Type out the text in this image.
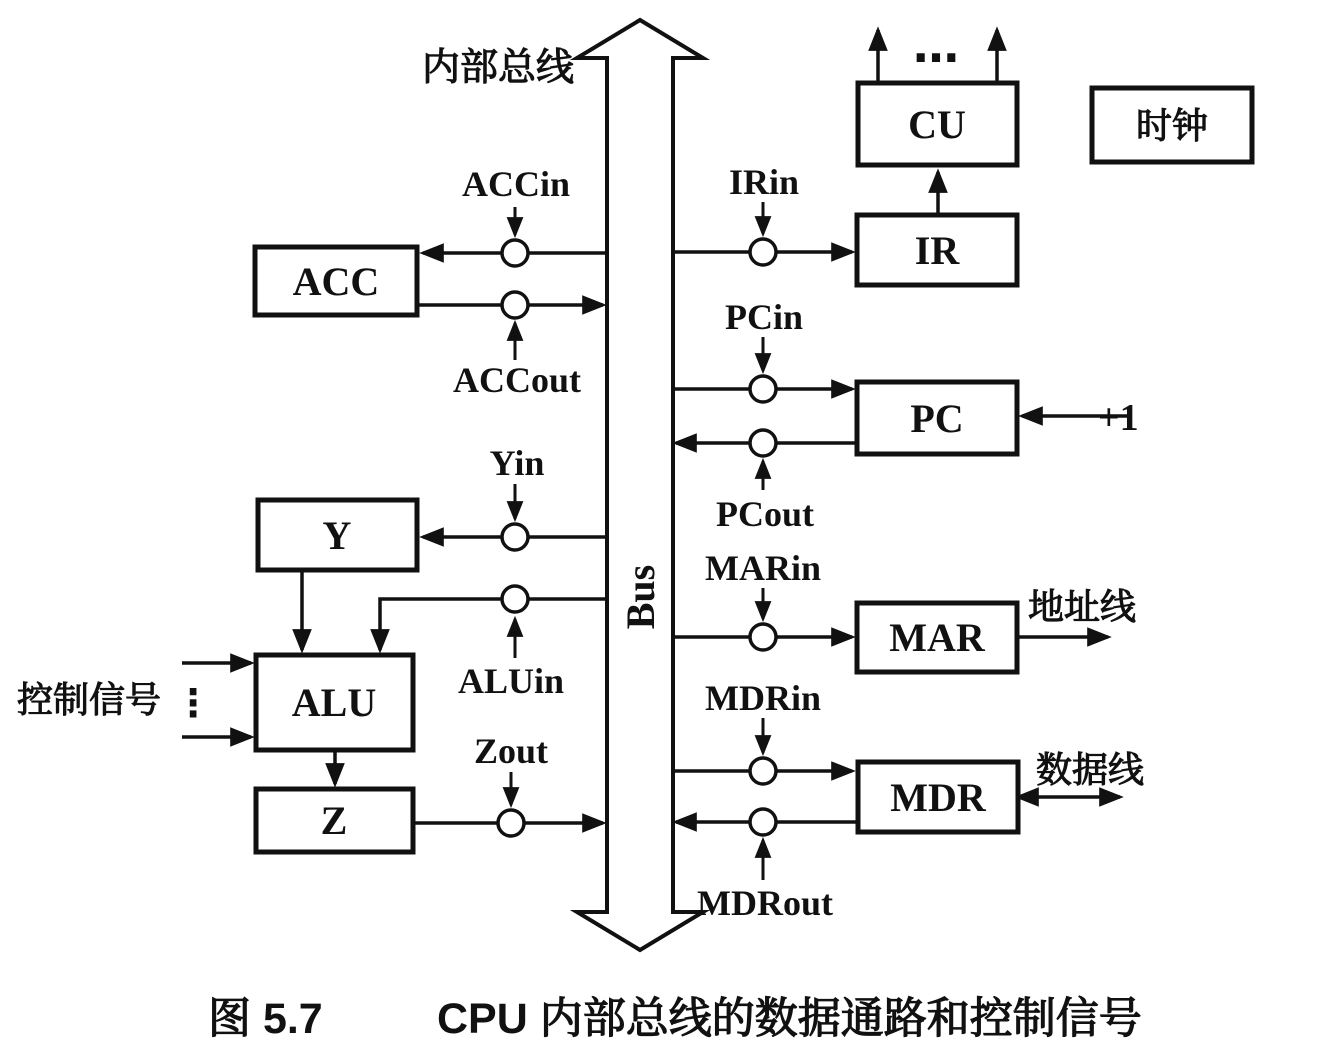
ACC
Y
ALU
Z
CU
IR
PC
MAR
MDR
时钟
内部总线
Bus
ACCin
ACCout
Yin
ALUin
Zout
IRin
PCin
PCout
MARin
MDRin
MDRout
+1
控制信号
地址线
数据线
…
⋮
图 5.7	CPU 内部总线的数据通路和控制信号
